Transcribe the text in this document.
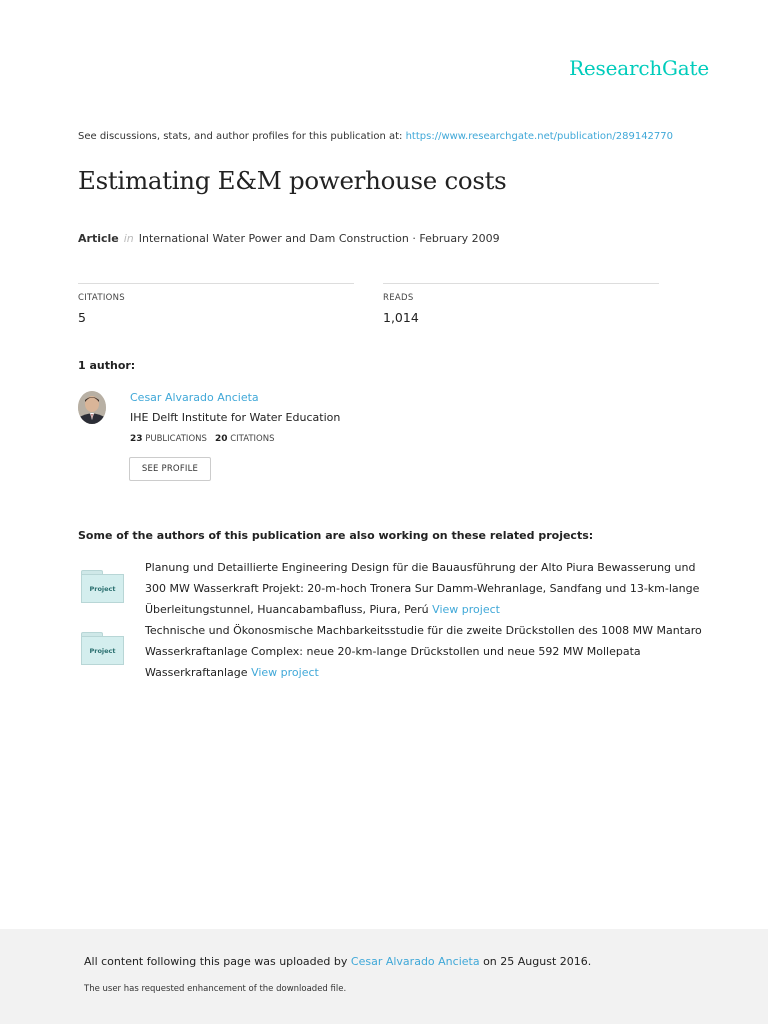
ResearchGate
See discussions, stats, and author profiles for this publication at: https://www.researchgate.net/publication/289142770
Estimating E&M powerhouse costs
Article in International Water Power and Dam Construction · February 2009
CITATIONS
5
READS
1,014
1 author:
Cesar Alvarado Ancieta
IHE Delft Institute for Water Education
23 PUBLICATIONS 20 CITATIONS
SEE PROFILE
Some of the authors of this publication are also working on these related projects:
Project
Planung und Detaillierte Engineering Design für die Bauausführung der Alto Piura Bewasserung und 300 MW Wasserkraft Projekt: 20-m-hoch Tronera Sur Damm-Wehranlage, Sandfang und 13-km-lange Überleitungstunnel, Huancabambafluss, Piura, Perú View project
Project
Technische und Ökonosmische Machbarkeitsstudie für die zweite Drückstollen des 1008 MW Mantaro Wasserkraftanlage Complex: neue 20-km-lange Drückstollen und neue 592 MW Mollepata Wasserkraftanlage View project
All content following this page was uploaded by Cesar Alvarado Ancieta on 25 August 2016.
The user has requested enhancement of the downloaded file.
